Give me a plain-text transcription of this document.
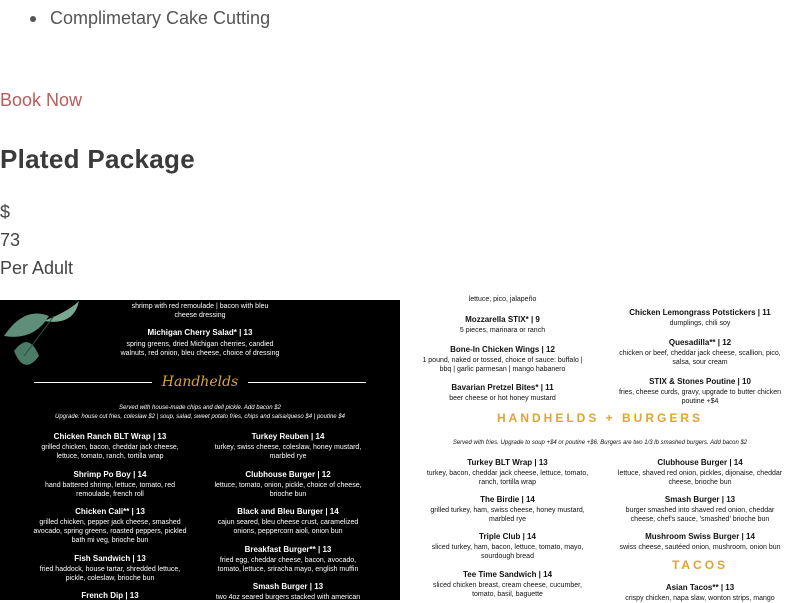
Complimetary Cake Cutting
Book Now
Plated Package
$
73
Per Adult
shrimp with red remoulade | bacon with bleu
cheese dressing
Michigan Cherry Salad* | 13
spring greens, dried Michigan cherries, candied
walnuts, red onion, bleu cheese, choice of dressing
Handhelds
Served with house-made chips and dell pickle. Add bacon $2
Upgrade: house cut fries, coleslaw $2 | soup, salad, sweet potato fries, chips and salsa/queso $4 | poutine $4
Chicken Ranch BLT Wrap | 13
grilled chicken, bacon, cheddar jack cheese,
lettuce, tomato, ranch, tortilla wrap
Shrimp Po Boy | 14
hand battered shrimp, lettuce, tomato, red
remoulade, french roll
Chicken Cali** | 13
grilled chicken, pepper jack cheese, smashed
avocado, spring greens, roasted peppers, pickled
bath mi veg, brioche bun
Fish Sandwich | 13
fried haddock, house tartar, shredded lettuce,
pickle, coleslaw, brioche bun
French Dip | 13
Turkey Reuben | 14
turkey, swiss cheese, coleslaw, honey mustard,
marbled rye
Clubhouse Burger | 12
lettuce, tomato, onion, pickle, choice of cheese,
brioche bun
Black and Bleu Burger | 14
cajun seared, bleu cheese crust, caramelized
onions, peppercorn aioli, onion bun
Breakfast Burger** | 13
fried egg, cheddar cheese, bacon, avocado,
tomato, lettuce, sriracha mayo, english muffin
Smash Burger | 13
two 4oz seared burgers stacked with american
lettuce, pico, jalapeño
Mozzarella STIX* | 9
5 pieces, marinara or ranch
Bone-In Chicken Wings | 12
1 pound, naked or tossed, choice of sauce: buffalo |
bbq | garlic parmesan | mango habanero
Bavarian Pretzel Bites* | 11
beer cheese or hot honey mustard
Chicken Lemongrass Potstickers | 11
dumplings, chili soy
Quesadilla** | 12
chicken or beef, cheddar jack cheese, scallion, pico,
salsa, sour cream
STIX & Stones Poutine | 10
fries, cheese curds, gravy, upgrade to butter chicken
poutine +$4
HANDHELDS + BURGERS
Served with fries. Upgrade to soup +$4 or poutine +$6. Burgers are two 1/3 lb smashed burgers. Add bacon $2
Turkey BLT Wrap | 13
turkey, bacon, cheddar jack cheese, lettuce, tomato,
ranch, tortilla wrap
The Birdie | 14
grilled turkey, ham, swiss cheese, honey mustard,
marbled rye
Triple Club | 14
sliced turkey, ham, bacon, lettuce, tomato, mayo,
sourdough bread
Tee Time Sandwich | 14
sliced chicken breast, cream cheese, cucumber,
tomato, basil, baguette
Clubhouse Burger | 14
lettuce, shaved red onion, pickles, dijonaise, cheddar
cheese, brioche bun
Smash Burger | 13
burger smashed into shaved red onion, cheddar
cheese, chef's sauce, 'smashed' brioche bun
Mushroom Swiss Burger | 14
swiss cheese, sautéed onion, mushroom, onion bun
TACOS
Asian Tacos** | 13
crispy chicken, napa slaw, wonton strips, mango
